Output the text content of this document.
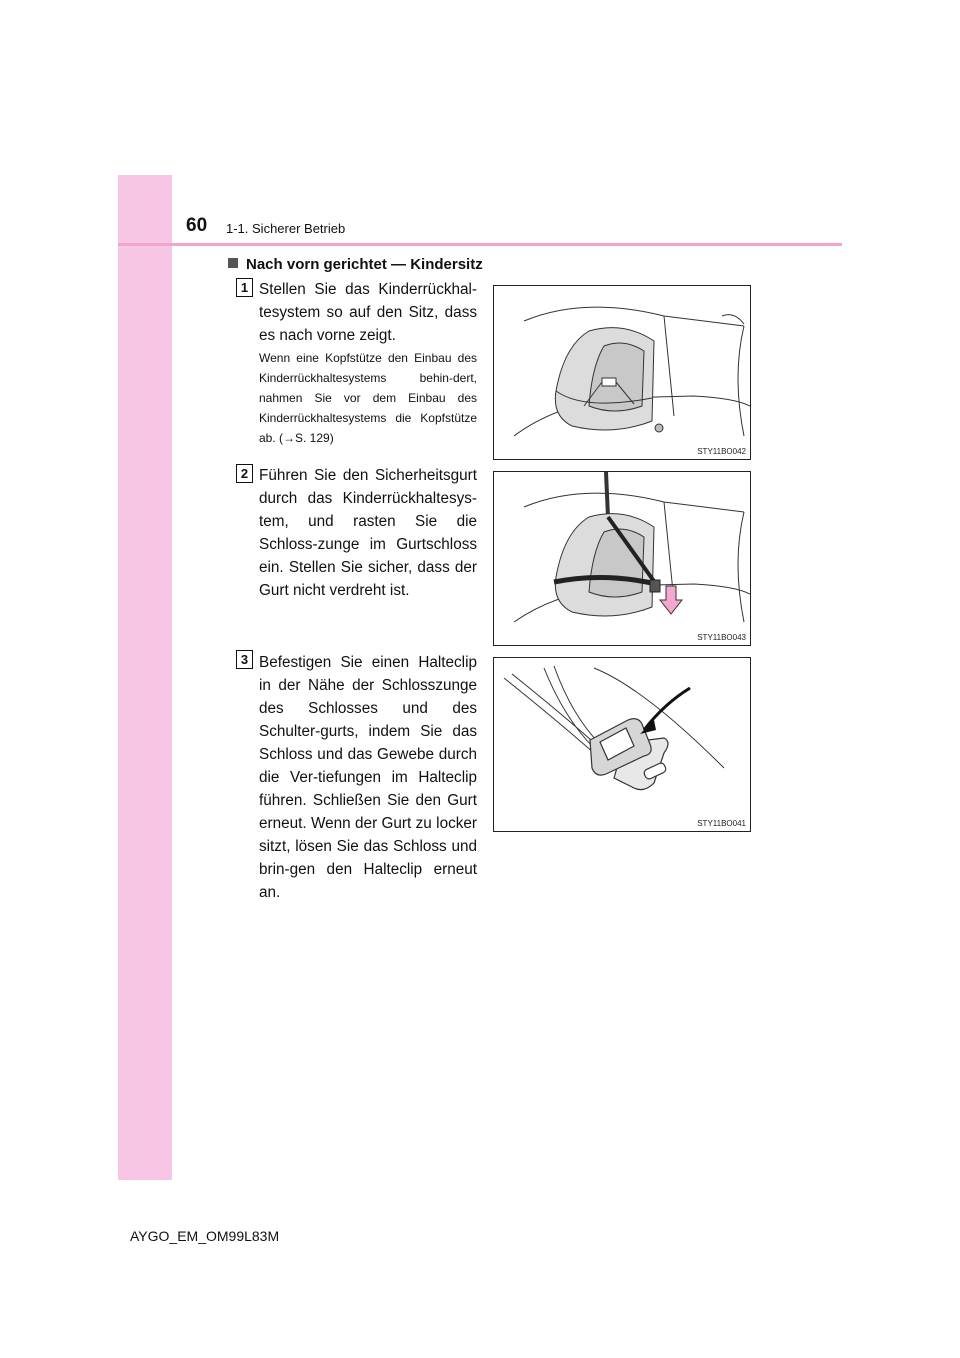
60 1-1. Sicherer Betrieb
Nach vorn gerichtet — Kindersitz
1 Stellen Sie das Kinderrückhal-tesystem so auf den Sitz, dass es nach vorne zeigt.
Wenn eine Kopfstütze den Einbau des Kinderrückhaltesystems behin-dert, nahmen Sie vor dem Einbau des Kinderrückhaltesystems die Kopfstütze ab. (→S. 129)
STY11BO042
2 Führen Sie den Sicherheitsgurt durch das Kinderrückhaltesys-tem, und rasten Sie die Schloss-zunge im Gurtschloss ein. Stellen Sie sicher, dass der Gurt nicht verdreht ist.
STY11BO043
3 Befestigen Sie einen Halteclip in der Nähe der Schlosszunge des Schlosses und des Schulter-gurts, indem Sie das Schloss und das Gewebe durch die Ver-tiefungen im Halteclip führen. Schließen Sie den Gurt erneut. Wenn der Gurt zu locker sitzt, lösen Sie das Schloss und brin-gen den Halteclip erneut an.
STY11BO041
AYGO_EM_OM99L83M
